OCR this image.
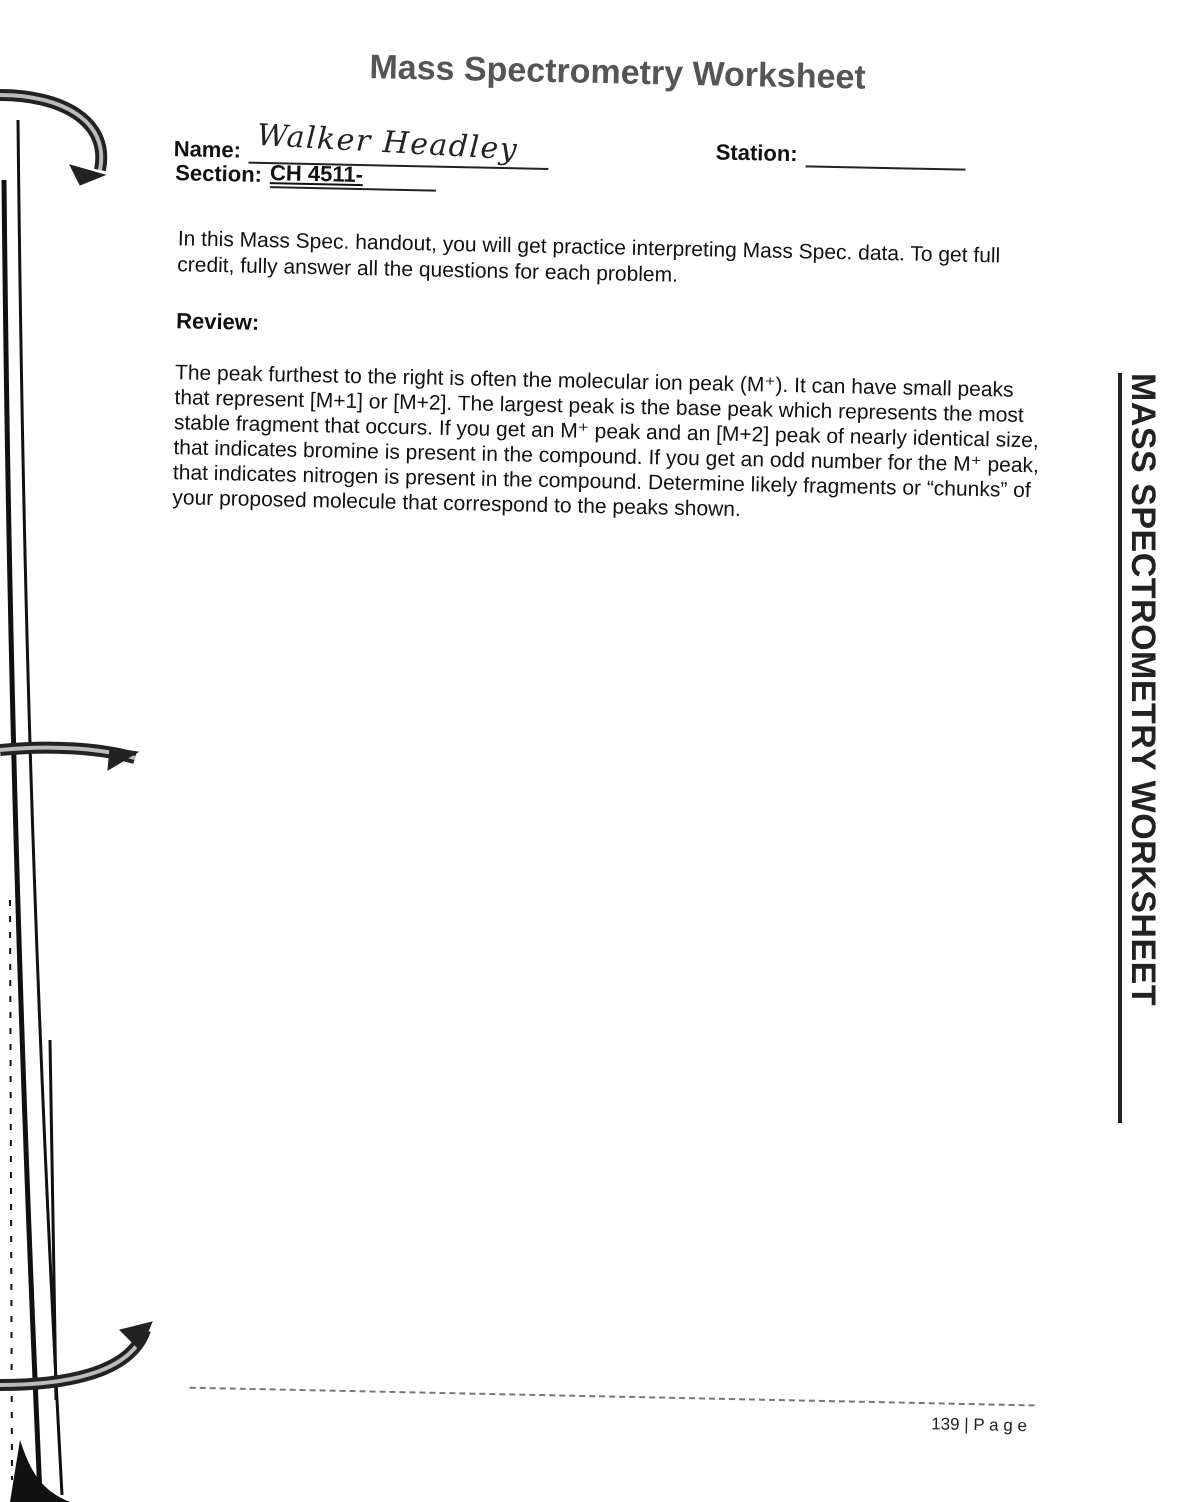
Mass Spectrometry Worksheet
Name: Walker Headley	Station:
Section: CH 4511-
In this Mass Spec. handout, you will get practice interpreting Mass Spec. data. To get full credit, fully answer all the questions for each problem.
Review:
The peak furthest to the right is often the molecular ion peak (M⁺). It can have small peaks that represent [M+1] or [M+2]. The largest peak is the base peak which represents the most stable fragment that occurs. If you get an M⁺ peak and an [M+2] peak of nearly identical size, that indicates bromine is present in the compound. If you get an odd number for the M⁺ peak, that indicates nitrogen is present in the compound. Determine likely fragments or “chunks” of your proposed molecule that correspond to the peaks shown.
139 | P a g e
MASS SPECTROMETRY WORKSHEET
